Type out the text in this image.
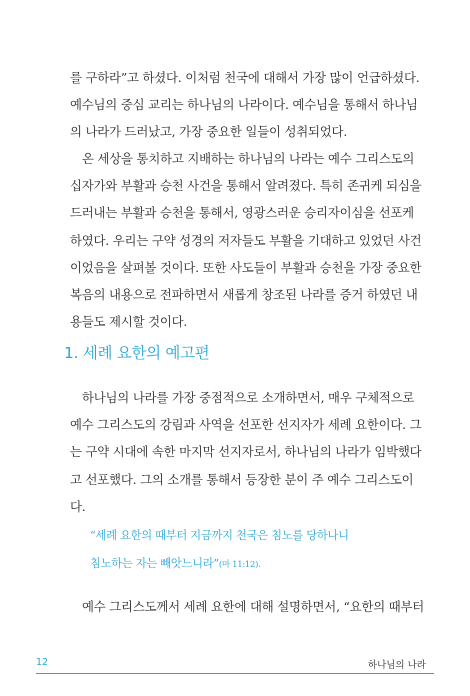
를 구하라”고 하셨다. 이처럼 천국에 대해서 가장 많이 언급하셨다.
예수님의 중심 교리는 하나님의 나라이다. 예수님을 통해서 하나님
의 나라가 드러났고, 가장 중요한 일들이 성취되었다.
온 세상을 통치하고 지배하는 하나님의 나라는 예수 그리스도의
십자가와 부활과 승천 사건을 통해서 알려졌다. 특히 존귀케 되심을
드러내는 부활과 승천을 통해서, 영광스러운 승리자이심을 선포케
하였다. 우리는 구약 성경의 저자들도 부활을 기대하고 있었던 사건
이었음을 살펴볼 것이다. 또한 사도들이 부활과 승천을 가장 중요한
복음의 내용으로 전파하면서 새롭게 창조된 나라를 증거 하였던 내
용들도 제시할 것이다.
1. 세례 요한의 예고편
하나님의 나라를 가장 중점적으로 소개하면서, 매우 구체적으로
예수 그리스도의 강림과 사역을 선포한 선지자가 세례 요한이다. 그
는 구약 시대에 속한 마지막 선지자로서, 하나님의 나라가 임박했다
고 선포했다. 그의 소개를 통해서 등장한 분이 주 예수 그리스도이
다.
“세례 요한의 때부터 지금까지 천국은 침노를 당하나니
침노하는 자는 빼앗느니라”(마 11:12).
예수 그리스도께서 세례 요한에 대해 설명하면서, “요한의 때부터
12	하나님의 나라
